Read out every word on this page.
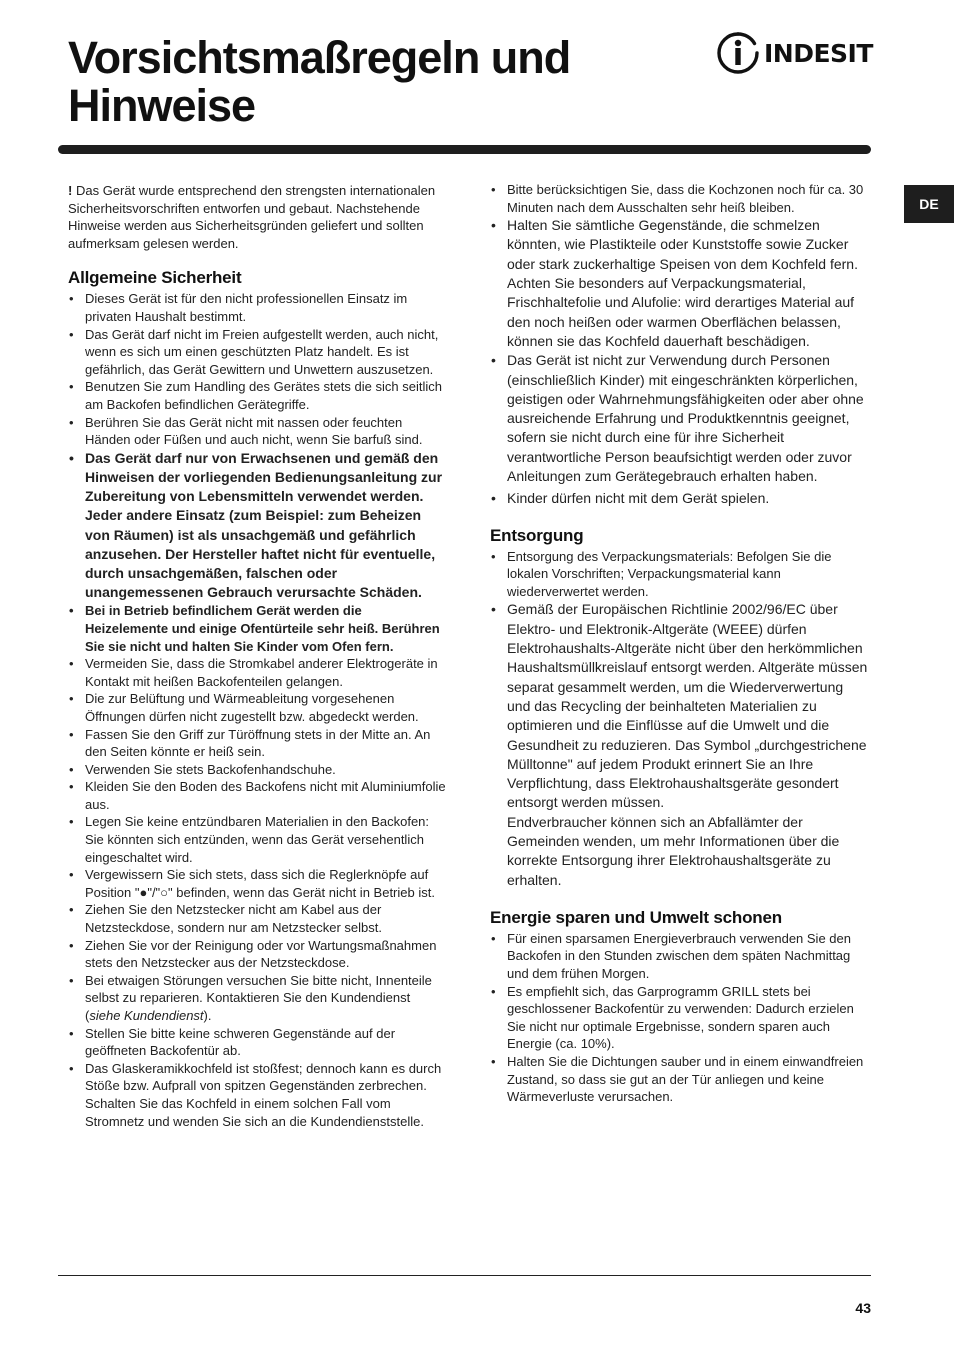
Vorsichtsmaßregeln und Hinweise
INDESIT
DE

! Das Gerät wurde entsprechend den strengsten internationalen Sicherheitsvorschriften entworfen und gebaut. Nachstehende Hinweise werden aus Sicherheitsgründen geliefert und sollten aufmerksam gelesen werden.

Allgemeine Sicherheit
• Dieses Gerät ist für den nicht professionellen Einsatz im privaten Haushalt bestimmt.
• Das Gerät darf nicht im Freien aufgestellt werden, auch nicht, wenn es sich um einen geschützten Platz handelt. Es ist gefährlich, das Gerät Gewittern und Unwettern auszusetzen.
• Benutzen Sie zum Handling des Gerätes stets die sich seitlich am Backofen befindlichen Gerätegriffe.
• Berühren Sie das Gerät nicht mit nassen oder feuchten Händen oder Füßen und auch nicht, wenn Sie barfuß sind.
• Das Gerät darf nur von Erwachsenen und gemäß den Hinweisen der vorliegenden Bedienungsanleitung zur Zubereitung von Lebensmitteln verwendet werden. Jeder andere Einsatz (zum Beispiel: zum Beheizen von Räumen) ist als unsachgemäß und gefährlich anzusehen. Der Hersteller haftet nicht für eventuelle, durch unsachgemäßen, falschen oder unangemessenen Gebrauch verursachte Schäden.
• Bei in Betrieb befindlichem Gerät werden die Heizelemente und einige Ofentürteile sehr heiß. Berühren Sie sie nicht und halten Sie Kinder vom Ofen fern.
• Vermeiden Sie, dass die Stromkabel anderer Elektrogeräte in Kontakt mit heißen Backofenteilen gelangen.
• Die zur Belüftung und Wärmeableitung vorgesehenen Öffnungen dürfen nicht zugestellt bzw. abgedeckt werden.
• Fassen Sie den Griff zur Türöffnung stets in der Mitte an. An den Seiten könnte er heiß sein.
• Verwenden Sie stets Backofenhandschuhe.
• Kleiden Sie den Boden des Backofens nicht mit Aluminiumfolie aus.
• Legen Sie keine entzündbaren Materialien in den Backofen: Sie könnten sich entzünden, wenn das Gerät versehentlich eingeschaltet wird.
• Vergewissern Sie sich stets, dass sich die Reglerknöpfe auf Position "●"/"○" befinden, wenn das Gerät nicht in Betrieb ist.
• Ziehen Sie den Netzstecker nicht am Kabel aus der Netzsteckdose, sondern nur am Netzstecker selbst.
• Ziehen Sie vor der Reinigung oder vor Wartungsmaßnahmen stets den Netzstecker aus der Netzsteckdose.
• Bei etwaigen Störungen versuchen Sie bitte nicht, Innenteile selbst zu reparieren. Kontaktieren Sie den Kundendienst (siehe Kundendienst).
• Stellen Sie bitte keine schweren Gegenstände auf der geöffneten Backofentür ab.
• Das Glaskeramikkochfeld ist stoßfest; dennoch kann es durch Stöße bzw. Aufprall von spitzen Gegenständen zerbrechen. Schalten Sie das Kochfeld in einem solchen Fall vom Stromnetz und wenden Sie sich an die Kundendienststelle.
• Bitte berücksichtigen Sie, dass die Kochzonen noch für ca. 30 Minuten nach dem Ausschalten sehr heiß bleiben.
• Halten Sie sämtliche Gegenstände, die schmelzen könnten, wie Plastikteile oder Kunststoffe sowie Zucker oder stark zuckerhaltige Speisen von dem Kochfeld fern. Achten Sie besonders auf Verpackungsmaterial, Frischhaltefolie und Alufolie: wird derartiges Material auf den noch heißen oder warmen Oberflächen belassen, können sie das Kochfeld dauerhaft beschädigen.
• Das Gerät ist nicht zur Verwendung durch Personen (einschließlich Kinder) mit eingeschränkten körperlichen, geistigen oder Wahrnehmungsfähigkeiten oder aber ohne ausreichende Erfahrung und Produktkenntnis geeignet, sofern sie nicht durch eine für ihre Sicherheit verantwortliche Person beaufsichtigt werden oder zuvor Anleitungen zum Gerätegebrauch erhalten haben.
• Kinder dürfen nicht mit dem Gerät spielen.
Entsorgung
• Entsorgung des Verpackungsmaterials: Befolgen Sie die lokalen Vorschriften; Verpackungsmaterial kann wiederverwertet werden.
• Gemäß der Europäischen Richtlinie 2002/96/EC über Elektro- und Elektronik-Altgeräte (WEEE) dürfen Elektrohaushalts-Altgeräte nicht über den herkömmlichen Haushaltsmüllkreislauf entsorgt werden. Altgeräte müssen separat gesammelt werden, um die Wiederverwertung und das Recycling der beinhalteten Materialien zu optimieren und die Einflüsse auf die Umwelt und die Gesundheit zu reduzieren. Das Symbol „durchgestrichene Mülltonne" auf jedem Produkt erinnert Sie an Ihre Verpflichtung, dass Elektrohaushaltsgeräte gesondert entsorgt werden müssen.
Endverbraucher können sich an Abfallämter der Gemeinden wenden, um mehr Informationen über die korrekte Entsorgung ihrer Elektrohaushaltsgeräte zu erhalten.
Energie sparen und Umwelt schonen
• Für einen sparsamen Energieverbrauch verwenden Sie den Backofen in den Stunden zwischen dem späten Nachmittag und dem frühen Morgen.
• Es empfiehlt sich, das Garprogramm GRILL stets bei geschlossener Backofentür zu verwenden: Dadurch erzielen Sie nicht nur optimale Ergebnisse, sondern sparen auch Energie (ca. 10%).
• Halten Sie die Dichtungen sauber und in einem einwandfreien Zustand, so dass sie gut an der Tür anliegen und keine Wärmeverluste verursachen.
43
